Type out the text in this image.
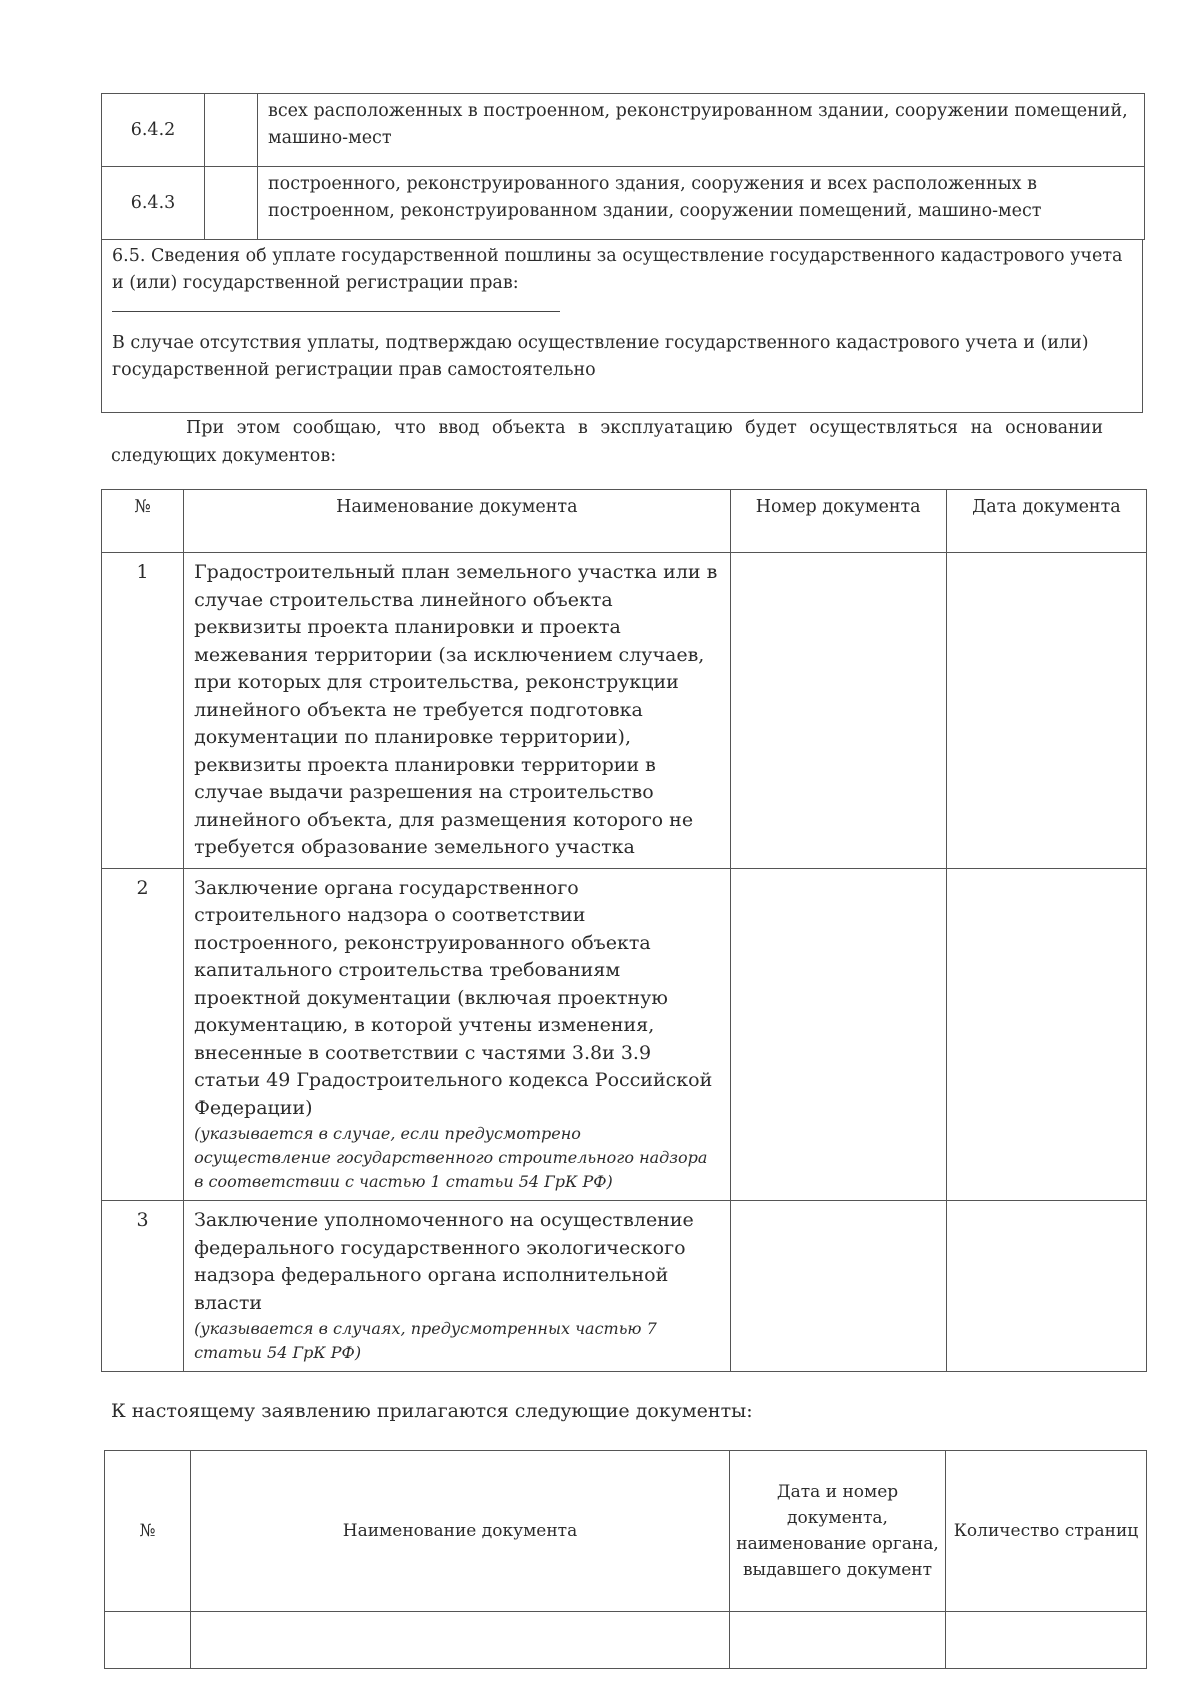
6.4.2		всех расположенных в построенном, реконструированном здании, сооружении помещений, машино-мест
6.4.3		построенного, реконструированного здания, сооружения и всех расположенных в построенном, реконструированном здании, сооружении помещений, машино-мест
6.5. Сведения об уплате государственной пошлины за осуществление государственного кадастрового учета и (или) государственной регистрации прав:
В случае отсутствия уплаты, подтверждаю осуществление государственного кадастрового учета и (или) государственной регистрации прав самостоятельно
При этом сообщаю, что ввод объекта в эксплуатацию будет осуществляться на основании следующих документов:
№	Наименование документа	Номер документа	Дата документа
1	Градостроительный план земельного участка или в случае строительства линейного объекта реквизиты проекта планировки и проекта межевания территории (за исключением случаев, при которых для строительства, реконструкции линейного объекта не требуется подготовка документации по планировке территории), реквизиты проекта планировки территории в случае выдачи разрешения на строительство линейного объекта, для размещения которого не требуется образование земельного участка		
2	Заключение органа государственного строительного надзора о соответствии построенного, реконструированного объекта капитального строительства требованиям проектной документации (включая проектную документацию, в которой учтены изменения, внесенные в соответствии с частями 3.8и 3.9 статьи 49 Градостроительного кодекса Российской Федерации)
(указывается в случае, если предусмотрено осуществление государственного строительного надзора в соответствии с частью 1 статьи 54 ГрК РФ)		

3	Заключение уполномоченного на осуществление федерального государственного экологического надзора федерального органа исполнительной власти
(указывается в случаях, предусмотренных частью 7 статьи 54 ГрК РФ)		

К настоящему заявлению прилагаются следующие документы:
№	Наименование документа	Дата и номер документа, наименование органа, выдавшего документ	Количество страниц
